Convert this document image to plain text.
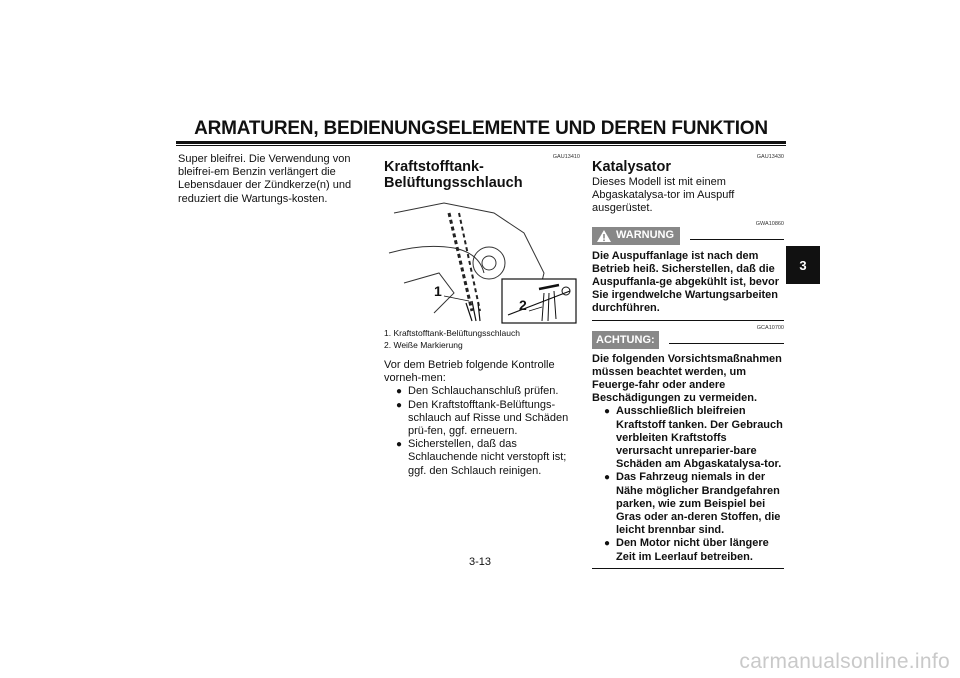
ARMATUREN, BEDIENUNGSELEMENTE UND DEREN FUNKTION
3

Super bleifrei. Die Verwendung von bleifrei-em Benzin verlängert die Lebensdauer der Zündkerze(n) und reduziert die Wartungs-kosten.

GAU13410
Kraftstofftank-Belüftungsschlauch
1
2
1. Kraftstofftank-Belüftungsschlauch
2. Weiße Markierung

Vor dem Betrieb folgende Kontrolle vorneh-men:

● Den Schlauchanschluß prüfen.
● Den Kraftstofftank-Belüftungs-schlauch auf Risse und Schäden prü-fen, ggf. erneuern.
● Sicherstellen, daß das Schlauchende nicht verstopft ist; ggf. den Schlauch reinigen.
GAU13430
Katalysator

Dieses Modell ist mit einem Abgaskatalysa-tor im Auspuff ausgerüstet.

GWA10860
WARNUNG

Die Auspuffanlage ist nach dem Betrieb heiß. Sicherstellen, daß die Auspuffanla-ge abgekühlt ist, bevor Sie irgendwelche Wartungsarbeiten durchführen.

GCA10700
ACHTUNG:

Die folgenden Vorsichtsmaßnahmen müssen beachtet werden, um Feuerge-fahr oder andere Beschädigungen zu vermeiden.

● Ausschließlich bleifreien Kraftstoff tanken. Der Gebrauch verbleiten Kraftstoffs verursacht unreparier-bare Schäden am Abgaskatalysa-tor.
● Das Fahrzeug niemals in der Nähe möglicher Brandgefahren parken, wie zum Beispiel bei Gras oder an-deren Stoffen, die leicht brennbar sind.
● Den Motor nicht über längere Zeit im Leerlauf betreiben.
3-13
carmanualsonline.info
